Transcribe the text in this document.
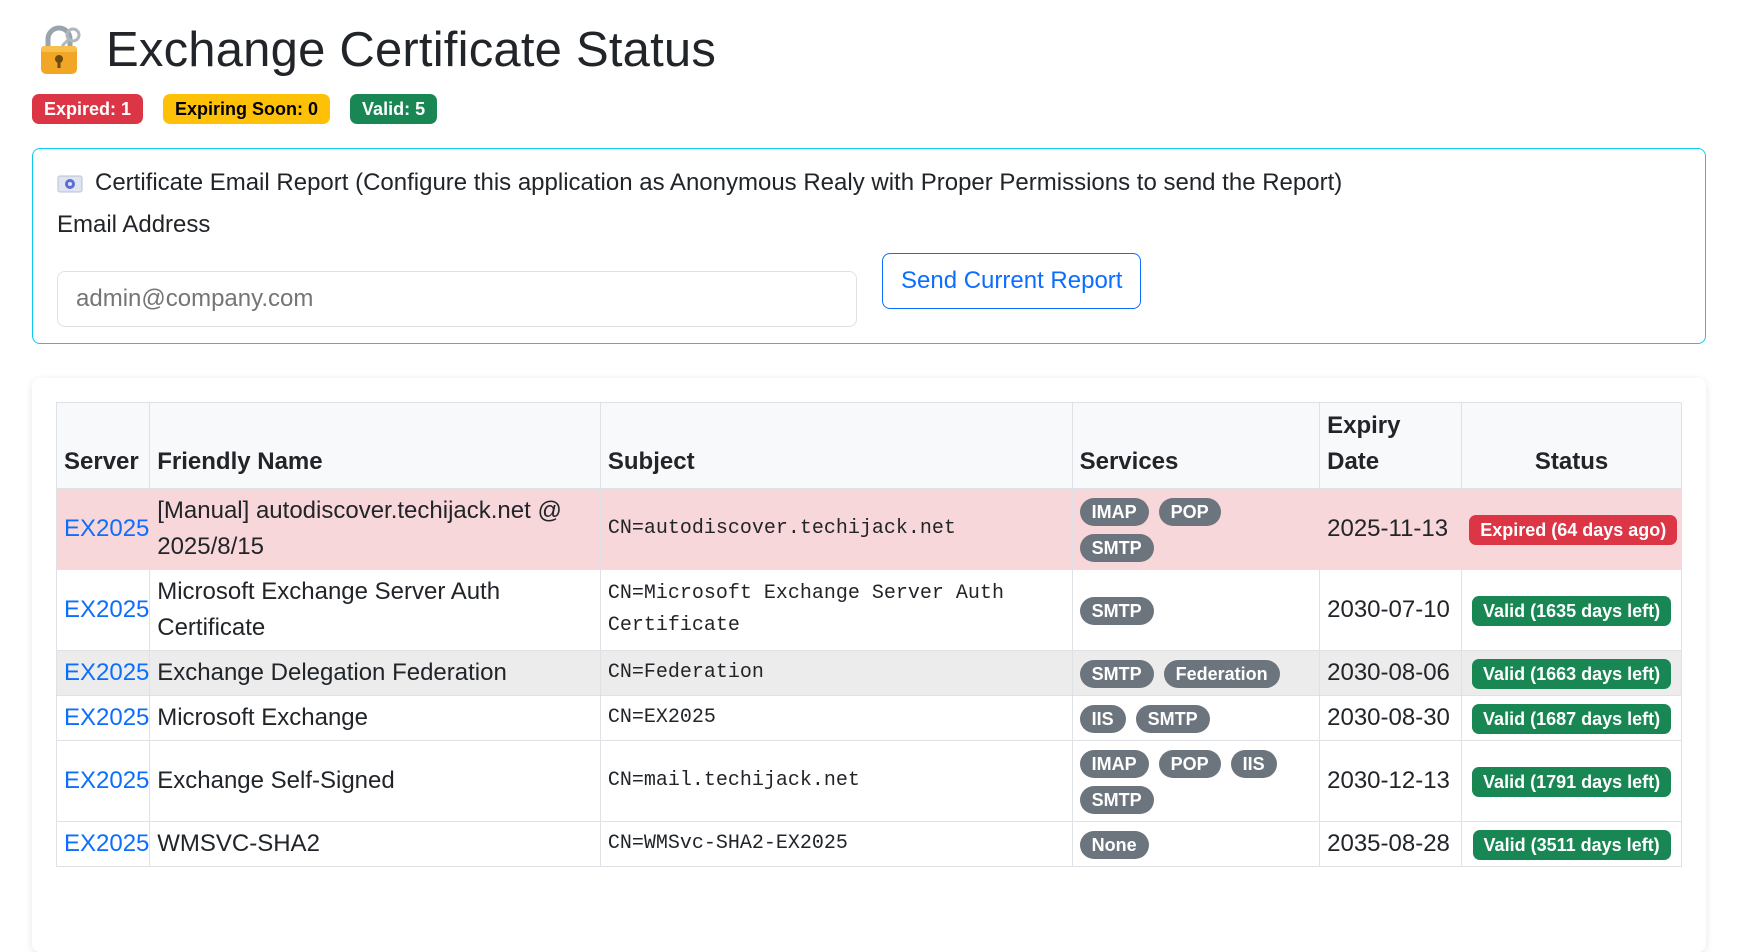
Exchange Certificate Status
Expired: 1	Expiring Soon: 0	Valid: 5
Certificate Email Report (Configure this application as Anonymous Realy with Proper Permissions to send the Report)
Email Address
admin@company.com
Send Current Report
Server	Friendly Name	Subject	Services	Expiry Date	Status
EX2025	[Manual] autodiscover.techijack.net @ 2025/8/15	CN=autodiscover.techijack.net	IMAP POPSMTP	2025-11-13	Expired (64 days ago)
EX2025	Microsoft Exchange Server Auth Certificate	CN=Microsoft Exchange Server Auth Certificate	SMTP	2030-07-10	Valid (1635 days left)
EX2025	Exchange Delegation Federation	CN=Federation	SMTP Federation	2030-08-06	Valid (1663 days left)
EX2025	Microsoft Exchange	CN=EX2025	IIS SMTP	2030-08-30	Valid (1687 days left)
EX2025	Exchange Self-Signed	CN=mail.techijack.net	IMAP POP IISSMTP	2030-12-13	Valid (1791 days left)
EX2025	WMSVC-SHA2	CN=WMSvc-SHA2-EX2025	None	2035-08-28	Valid (3511 days left)
